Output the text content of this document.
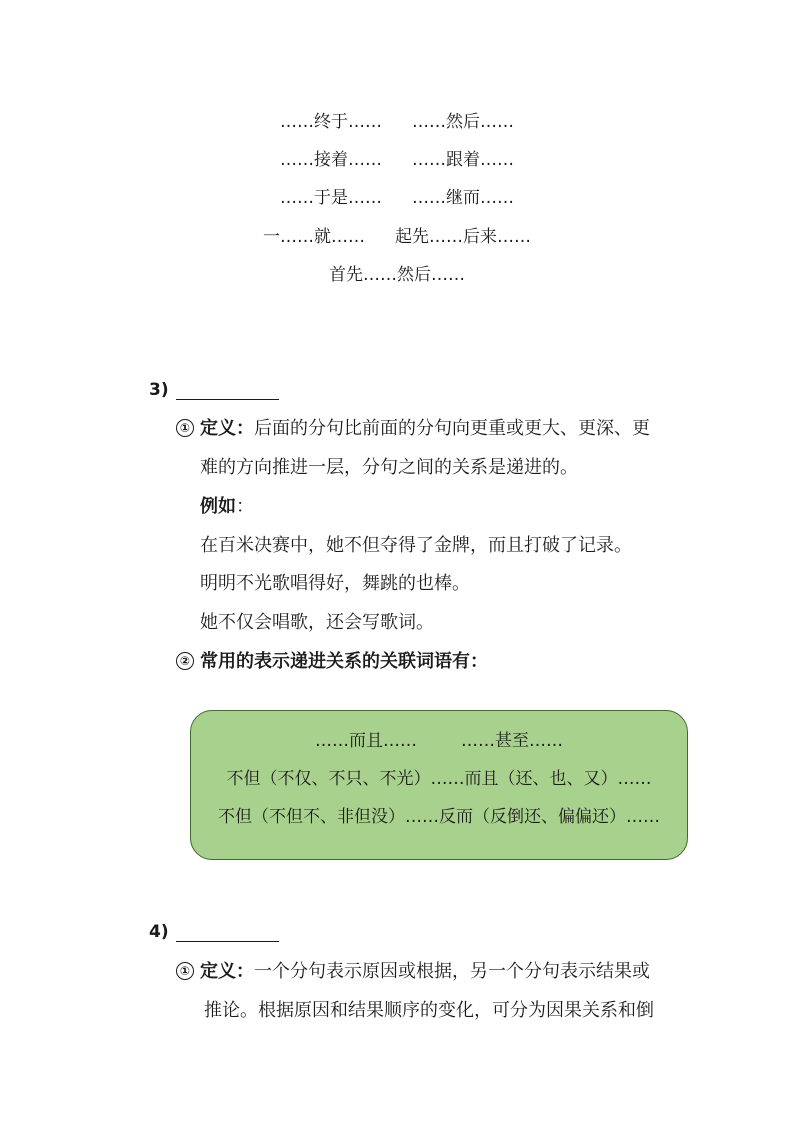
……终于…… ……然后……
……接着…… ……跟着……
……于是…… ……继而……
一……就…… 起先……后来……
首先……然后……
3)
① 定义：后面的分句比前面的分句向更重或更大、更深、更
难的方向推进一层，分句之间的关系是递进的。
例如：
在百米决赛中，她不但夺得了金牌，而且打破了记录。
明明不光歌唱得好，舞跳的也棒。
她不仅会唱歌，还会写歌词。
② 常用的表示递进关系的关联词语有：
……而且……	……甚至……
不但（不仅、不只、不光）……而且（还、也、又）……
不但（不但不、非但没）……反而（反倒还、偏偏还）……
4)
① 定义：一个分句表示原因或根据，另一个分句表示结果或
推论。根据原因和结果顺序的变化，可分为因果关系和倒
